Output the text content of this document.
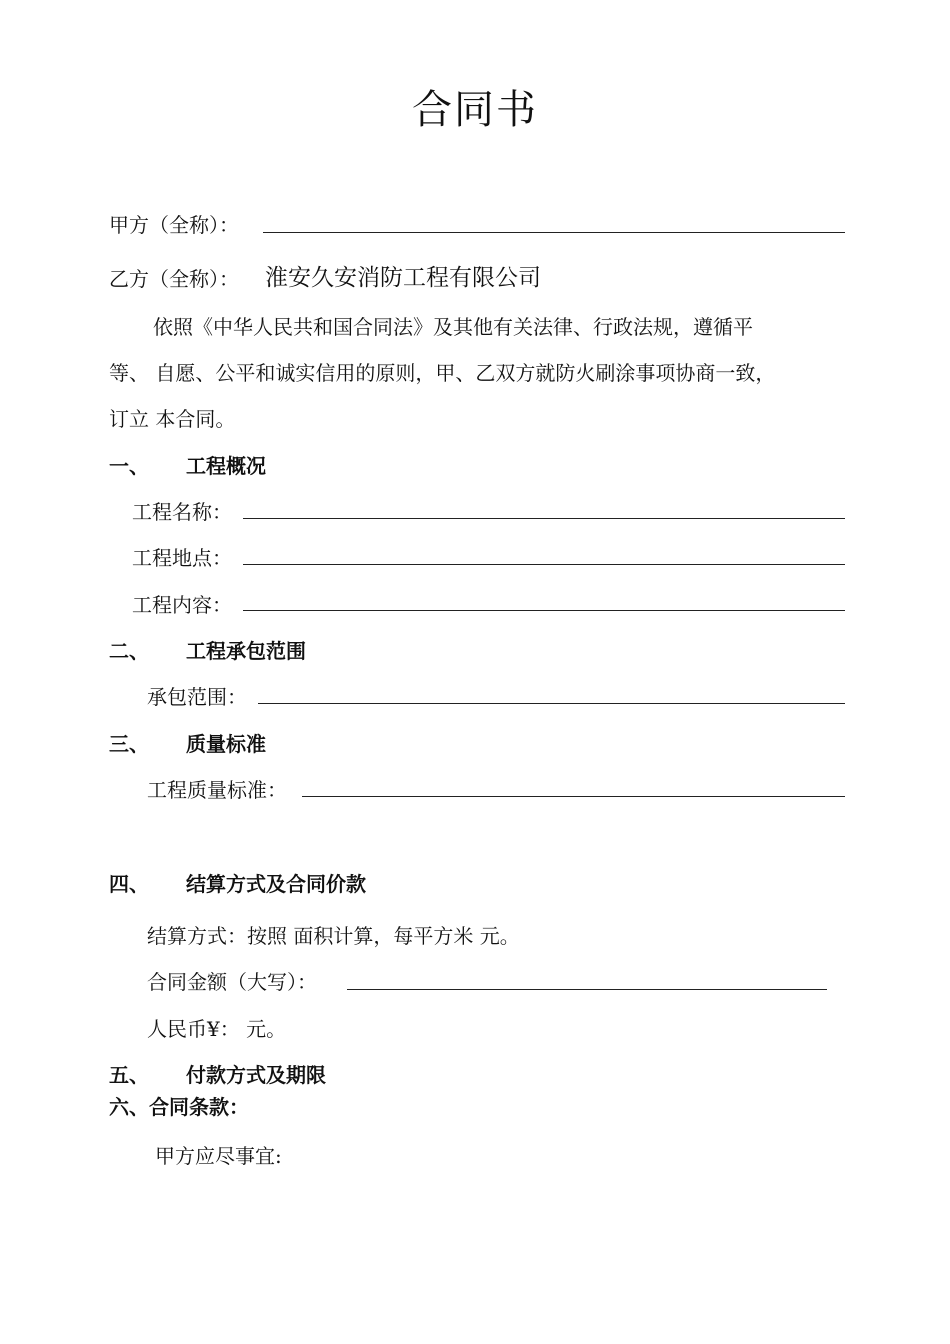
合同书
甲方（全称）：
乙方（全称）： 淮安久安消防工程有限公司
依照《中华人民共和国合同法》及其他有关法律、行政法规，遵循平
等、 自愿、公平和诚实信用的原则，甲、乙双方就防火刷涂事项协商一致，
订立 本合同。
一、 工程概况
工程名称：
工程地点：
工程内容：
二、 工程承包范围
承包范围：
三、 质量标准
工程质量标准：
四、 结算方式及合同价款
结算方式：按照 面积计算，每平方米 元。
合同金额（大写）：
人民币¥： 元。
五、 付款方式及期限
六、合同条款：
甲方应尽事宜:
